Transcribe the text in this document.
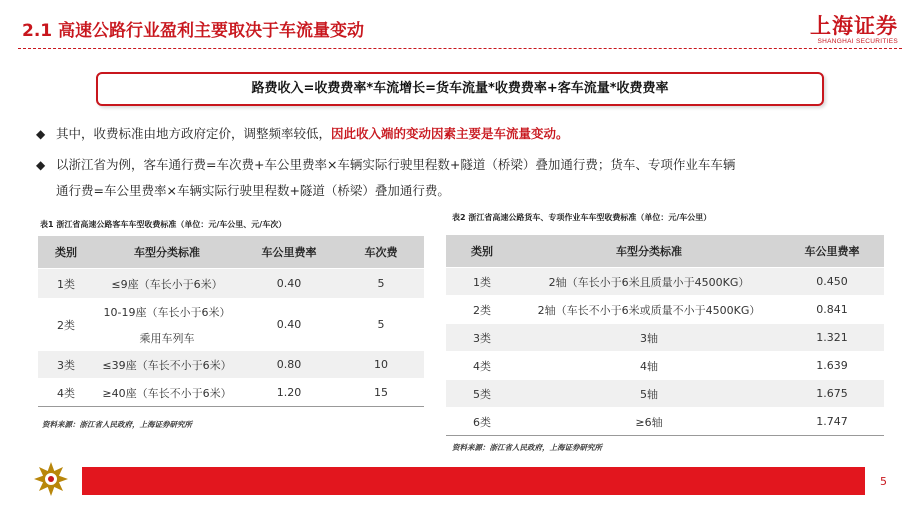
2.1 高速公路行业盈利主要取决于车流量变动	上海证券
SHANGHAI SECURITIES
路费收入=收费费率*车流增长=货车流量*收费费率+客车流量*收费费率
◆ 其中，收费标准由地方政府定价，调整频率较低，因此收入端的变动因素主要是车流量变动。
◆ 以浙江省为例，客车通行费=车次费+车公里费率×车辆实际行驶里程数+隧道（桥梁）叠加通行费；货车、专项作业车车辆
通行费=车公里费率×车辆实际行驶里程数+隧道（桥梁）叠加通行费。
表1 浙江省高速公路客车车型收费标准（单位：元/车公里、元/车次）
类别	车型分类标准	车公里费率	车次费
1类	≤9座（车长小于6米）	0.40	5
2类	10-19座（车长小于6米）	0.40	5
	乘用车列车		
3类	≤39座（车长不小于6米）	0.80	10
4类	≥40座（车长不小于6米）	1.20	15
资料来源：浙江省人民政府，上海证券研究所
表2 浙江省高速公路货车、专项作业车车型收费标准（单位：元/车公里）
类别	车型分类标准	车公里费率
1类	2轴（车长小于6米且质量小于4500KG）	0.450
2类	2轴（车长不小于6米或质量不小于4500KG）	0.841
3类	3轴	1.321
4类	4轴	1.639
5类	5轴	1.675
6类	≥6轴	1.747
资料来源：浙江省人民政府，上海证券研究所
5
